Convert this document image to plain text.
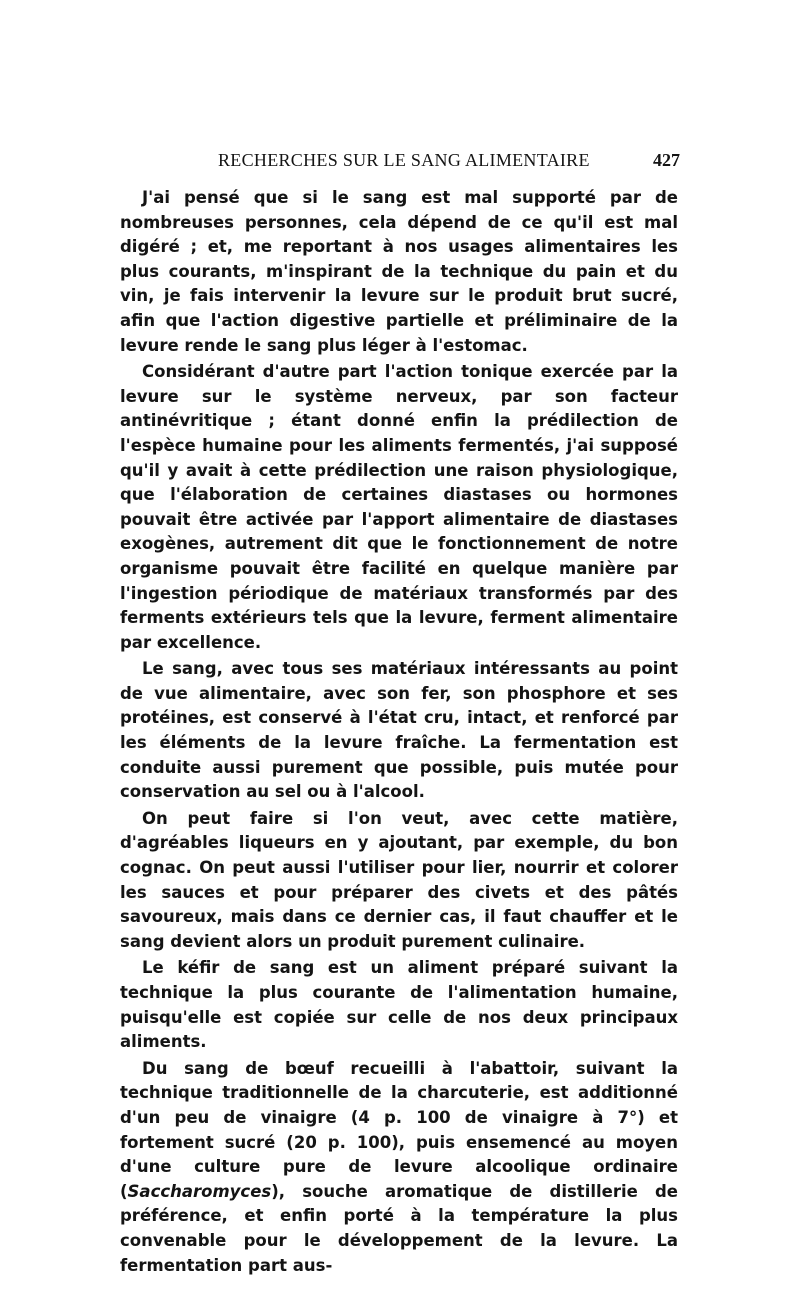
RECHERCHES SUR LE SANG ALIMENTAIRE	427

J'ai pensé que si le sang est mal supporté par de nombreuses personnes, cela dépend de ce qu'il est mal digéré ; et, me reportant à nos usages alimentaires les plus courants, m'inspirant de la technique du pain et du vin, je fais intervenir la levure sur le produit brut sucré, afin que l'action digestive partielle et préliminaire de la levure rende le sang plus léger à l'estomac.

Considérant d'autre part l'action tonique exercée par la levure sur le système nerveux, par son facteur antinévritique ; étant donné enfin la prédilection de l'espèce humaine pour les aliments fermentés, j'ai supposé qu'il y avait à cette prédilection une raison physiologique, que l'élaboration de certaines diastases ou hormones pouvait être activée par l'apport alimentaire de diastases exogènes, autrement dit que le fonctionnement de notre organisme pouvait être facilité en quelque manière par l'ingestion périodique de matériaux transformés par des ferments extérieurs tels que la levure, ferment alimentaire par excellence.

Le sang, avec tous ses matériaux intéressants au point de vue alimentaire, avec son fer, son phosphore et ses protéines, est conservé à l'état cru, intact, et renforcé par les éléments de la levure fraîche. La fermentation est conduite aussi purement que possible, puis mutée pour conservation au sel ou à l'alcool.

On peut faire si l'on veut, avec cette matière, d'agréables liqueurs en y ajoutant, par exemple, du bon cognac. On peut aussi l'utiliser pour lier, nourrir et colorer les sauces et pour préparer des civets et des pâtés savoureux, mais dans ce dernier cas, il faut chauffer et le sang devient alors un produit purement culinaire.

Le kéfir de sang est un aliment préparé suivant la technique la plus courante de l'alimentation humaine, puisqu'elle est copiée sur celle de nos deux principaux aliments.

Du sang de bœuf recueilli à l'abattoir, suivant la technique traditionnelle de la charcuterie, est additionné d'un peu de vinaigre (4 p. 100 de vinaigre à 7°) et fortement sucré (20 p. 100), puis ensemencé au moyen d'une culture pure de levure alcoolique ordinaire (Saccharomyces), souche aromatique de distillerie de préférence, et enfin porté à la température la plus convenable pour le développement de la levure. La fermentation part aus-
